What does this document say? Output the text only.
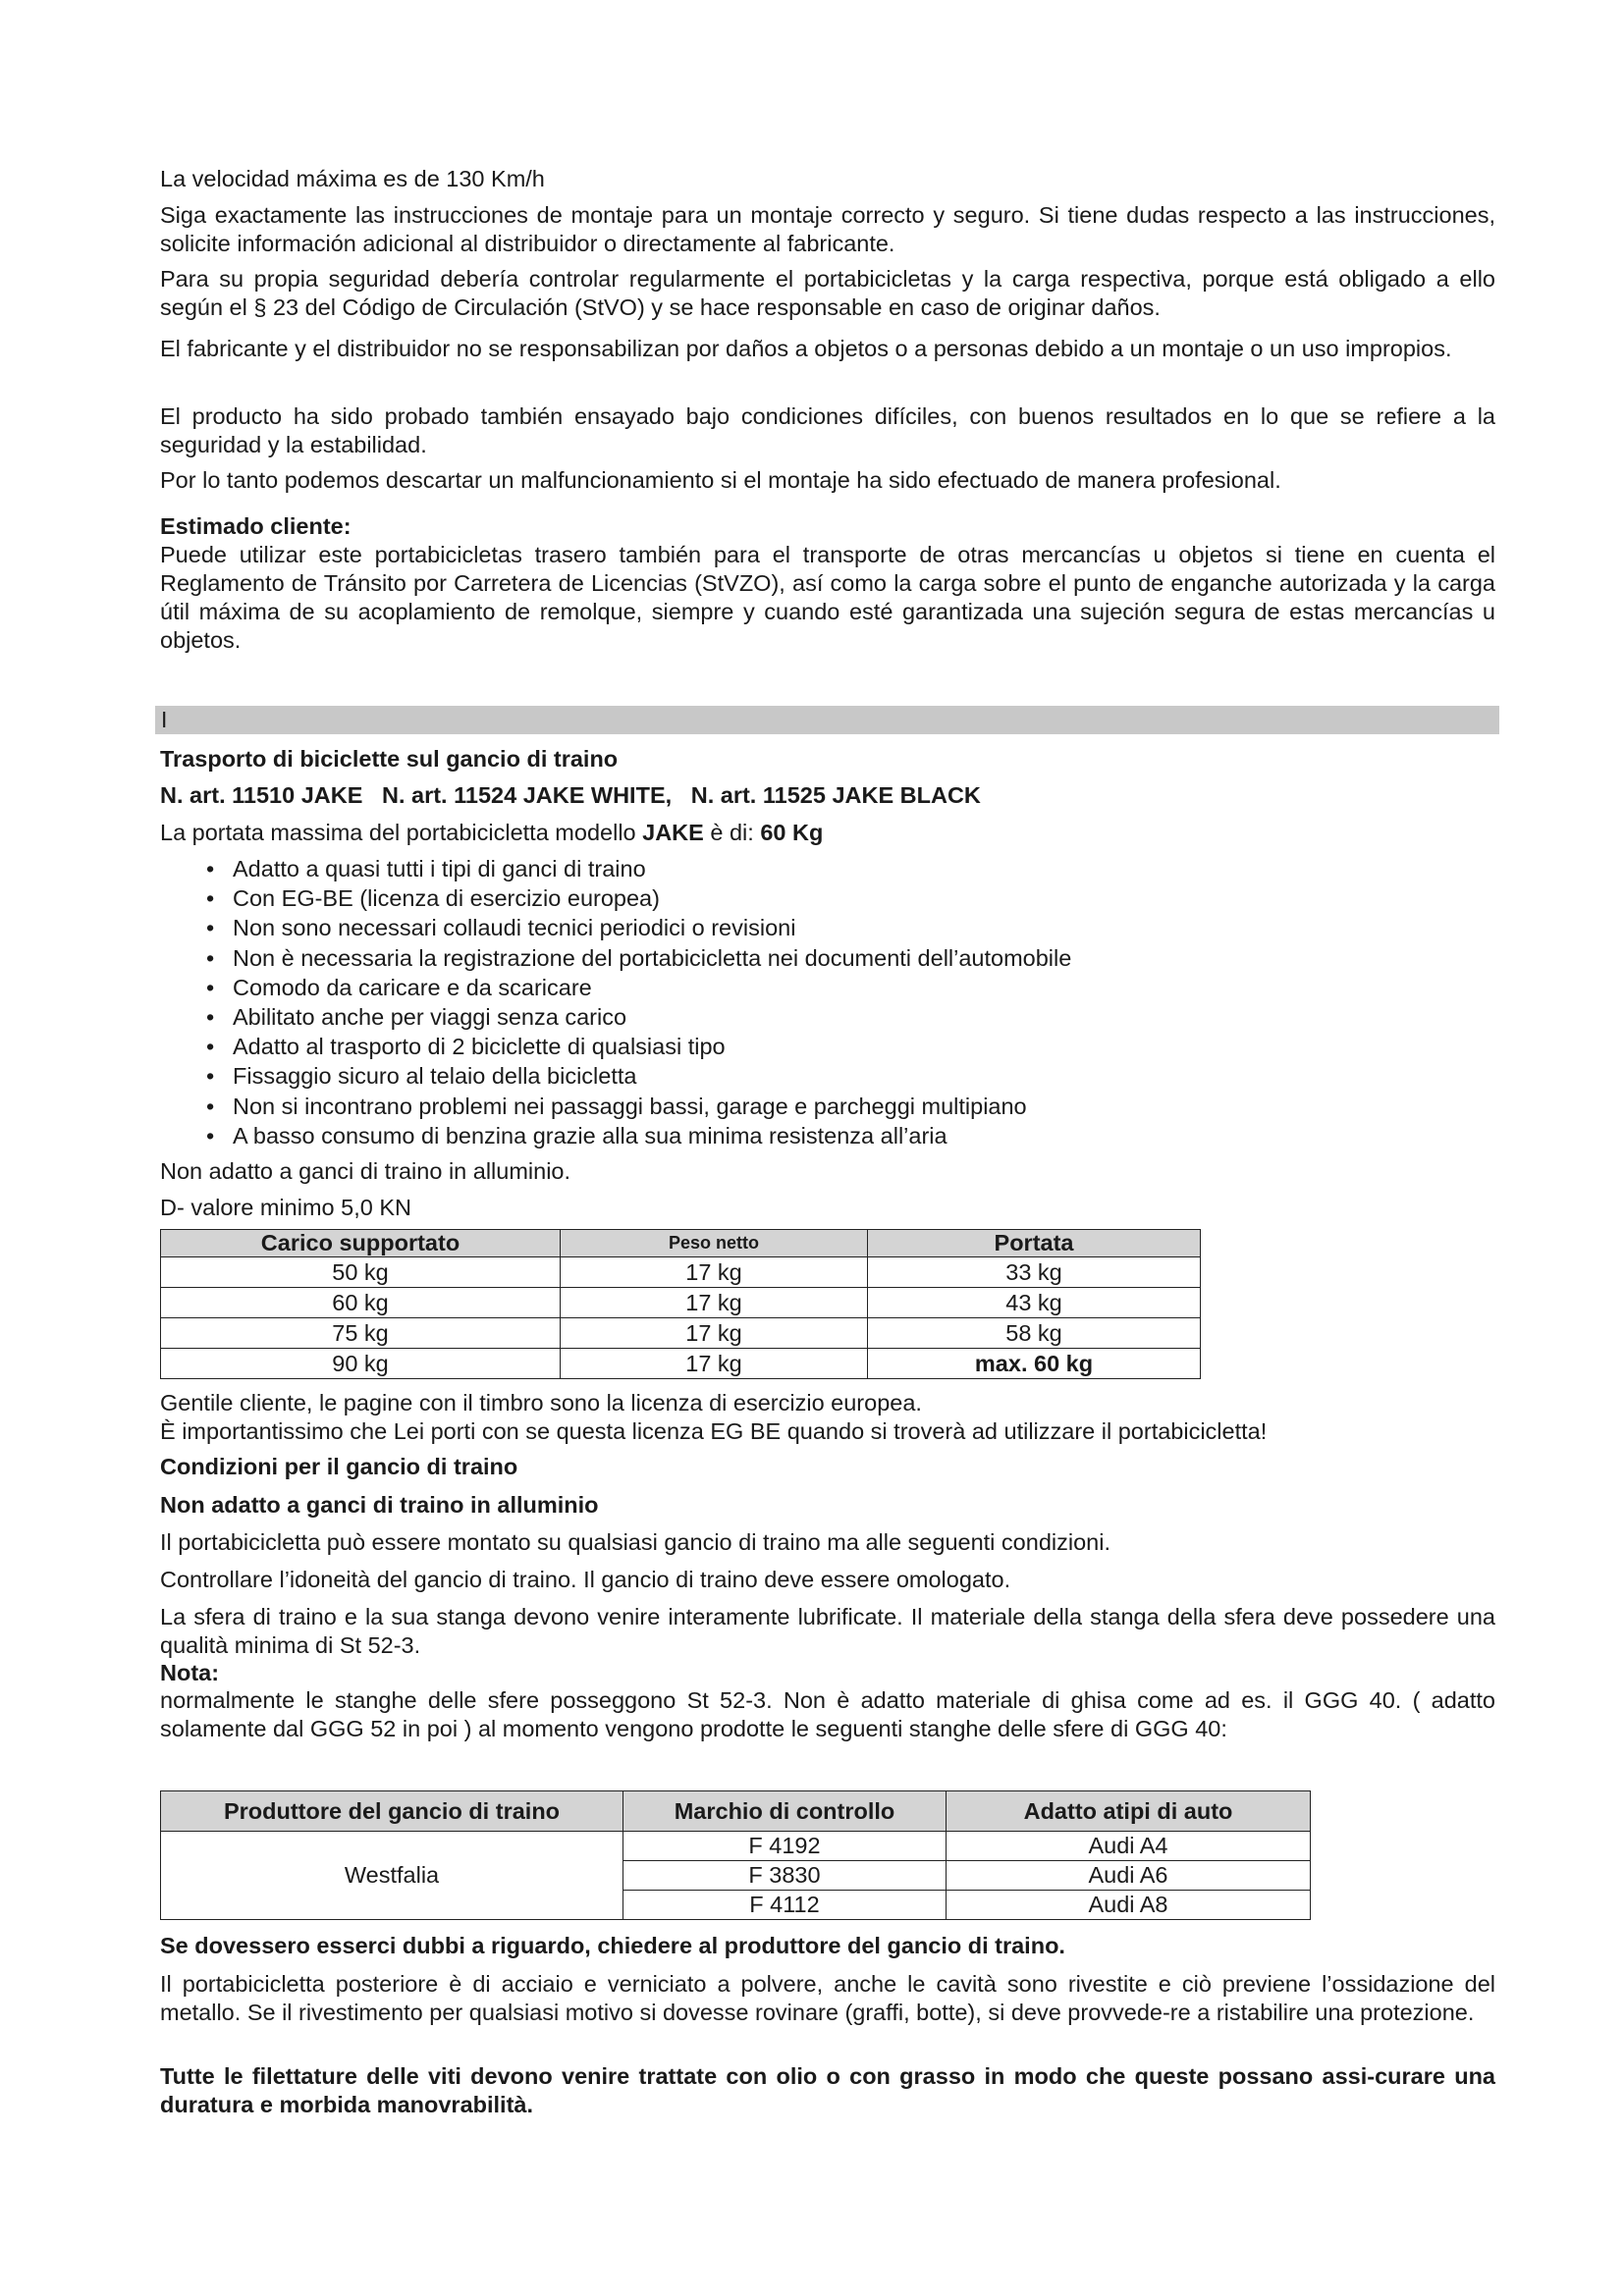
La velocidad máxima es de 130 Km/h

Siga exactamente las instrucciones de montaje para un montaje correcto y seguro. Si tiene dudas respecto a las instrucciones, solicite información adicional al distribuidor o directamente al fabricante.

Para su propia seguridad debería controlar regularmente el portabicicletas y la carga respectiva, porque está obligado a ello según el § 23 del Código de Circulación (StVO) y se hace responsable en caso de originar daños.

El fabricante y el distribuidor no se responsabilizan por daños a objetos o a personas debido a un montaje o un uso impropios.

El producto ha sido probado también ensayado bajo condiciones difíciles, con buenos resultados en lo que se refiere a la seguridad y la estabilidad.

Por lo tanto podemos descartar un malfuncionamiento si el montaje ha sido efectuado de manera profesional.

Estimado cliente:

Puede utilizar este portabicicletas trasero también para el transporte de otras mercancías u objetos si tiene en cuenta el Reglamento de Tránsito por Carretera de Licencias (StVZO), así como la carga sobre el punto de enganche autorizada y la carga útil máxima de su acoplamiento de remolque, siempre y cuando esté garantizada una sujeción segura de estas mercancías u objetos.

I

Trasporto di biciclette sul gancio di traino

N. art. 11510 JAKE   N. art. 11524 JAKE WHITE,   N. art. 11525 JAKE BLACK

La portata massima del portabicicletta modello JAKE è di: 60 Kg

• Adatto a quasi tutti i tipi di ganci di traino
• Con EG-BE (licenza di esercizio europea)
• Non sono necessari collaudi tecnici periodici o revisioni
• Non è necessaria la registrazione del portabicicletta nei documenti dell’automobile
• Comodo da caricare e da scaricare
• Abilitato anche per viaggi senza carico
• Adatto al trasporto di 2 biciclette di qualsiasi tipo
• Fissaggio sicuro al telaio della bicicletta
• Non si incontrano problemi nei passaggi bassi, garage e parcheggi multipiano
• A basso consumo di benzina grazie alla sua minima resistenza all’aria

Non adatto a ganci di traino in alluminio.

D- valore minimo 5,0 KN

Carico supportato	Peso netto	Portata
50 kg	17 kg	33 kg
60 kg	17 kg	43 kg
75 kg	17 kg	58 kg
90 kg	17 kg	max. 60 kg

Gentile cliente, le pagine con il timbro sono la licenza di esercizio europea.

È importantissimo che Lei porti con se questa licenza EG BE quando si troverà ad utilizzare il portabicicletta!

Condizioni per il gancio di traino

Non adatto a ganci di traino in alluminio

Il portabicicletta può essere montato su qualsiasi gancio di traino ma alle seguenti condizioni.

Controllare l’idoneità del gancio di traino. Il gancio di traino deve essere omologato.

La sfera di traino e la sua stanga devono venire interamente lubrificate. Il materiale della stanga della sfera deve possedere una qualità minima di St 52-3.

Nota:

normalmente le stanghe delle sfere posseggono St 52-3. Non è adatto materiale di ghisa come ad es. il GGG 40. ( adatto solamente dal GGG 52 in poi ) al momento vengono prodotte le seguenti stanghe delle sfere di GGG 40:

Produttore del gancio di traino	Marchio di controllo	Adatto atipi di auto
Westfalia	F 4192	Audi A4
	F 3830	Audi A6
	F 4112	Audi A8

Se dovessero esserci dubbi a riguardo, chiedere al produttore del gancio di traino.

Il portabicicletta posteriore è di acciaio e verniciato a polvere, anche le cavità sono rivestite e ciò previene l’ossidazione del metallo. Se il rivestimento per qualsiasi motivo si dovesse rovinare (graffi, botte), si deve provvede-re a ristabilire una protezione.

Tutte le filettature delle viti devono venire trattate con olio o con grasso in modo che queste possano assi-curare una duratura e morbida manovrabilità.
